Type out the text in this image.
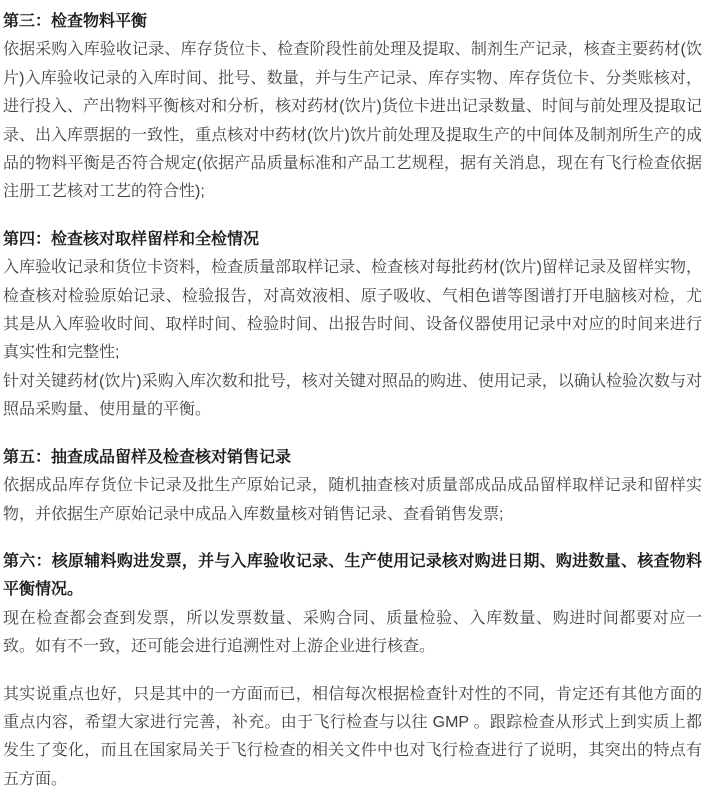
第三：检查物料平衡

依据采购入库验收记录、库存货位卡、检查阶段性前处理及提取、制剂生产记录，核查主要药材(饮片)入库验收记录的入库时间、批号、数量，并与生产记录、库存实物、库存货位卡、分类账核对，进行投入、产出物料平衡核对和分析，核对药材(饮片)货位卡进出记录数量、时间与前处理及提取记录、出入库票据的一致性，重点核对中药材(饮片)饮片前处理及提取生产的中间体及制剂所生产的成品的物料平衡是否符合规定(依据产品质量标准和产品工艺规程，据有关消息，现在有飞行检查依据注册工艺核对工艺的符合性);

第四：检查核对取样留样和全检情况

入库验收记录和货位卡资料，检查质量部取样记录、检查核对每批药材(饮片)留样记录及留样实物，检查核对检验原始记录、检验报告，对高效液相、原子吸收、气相色谱等图谱打开电脑核对检，尤其是从入库验收时间、取样时间、检验时间、出报告时间、设备仪器使用记录中对应的时间来进行真实性和完整性;

针对关键药材(饮片)采购入库次数和批号，核对关键对照品的购进、使用记录，以确认检验次数与对照品采购量、使用量的平衡。

第五：抽查成品留样及检查核对销售记录

依据成品库存货位卡记录及批生产原始记录，随机抽查核对质量部成品成品留样取样记录和留样实物，并依据生产原始记录中成品入库数量核对销售记录、查看销售发票;

第六：核原辅料购进发票，并与入库验收记录、生产使用记录核对购进日期、购进数量、核查物料平衡情况。

现在检查都会查到发票，所以发票数量、采购合同、质量检验、入库数量、购进时间都要对应一致。如有不一致，还可能会进行追溯性对上游企业进行核查。

其实说重点也好，只是其中的一方面而已，相信每次根据检查针对性的不同，肯定还有其他方面的重点内容，希望大家进行完善，补充。由于飞行检查与以往 GMP 。跟踪检查从形式上到实质上都发生了变化，而且在国家局关于飞行检查的相关文件中也对飞行检查进行了说明，其突出的特点有五方面。
